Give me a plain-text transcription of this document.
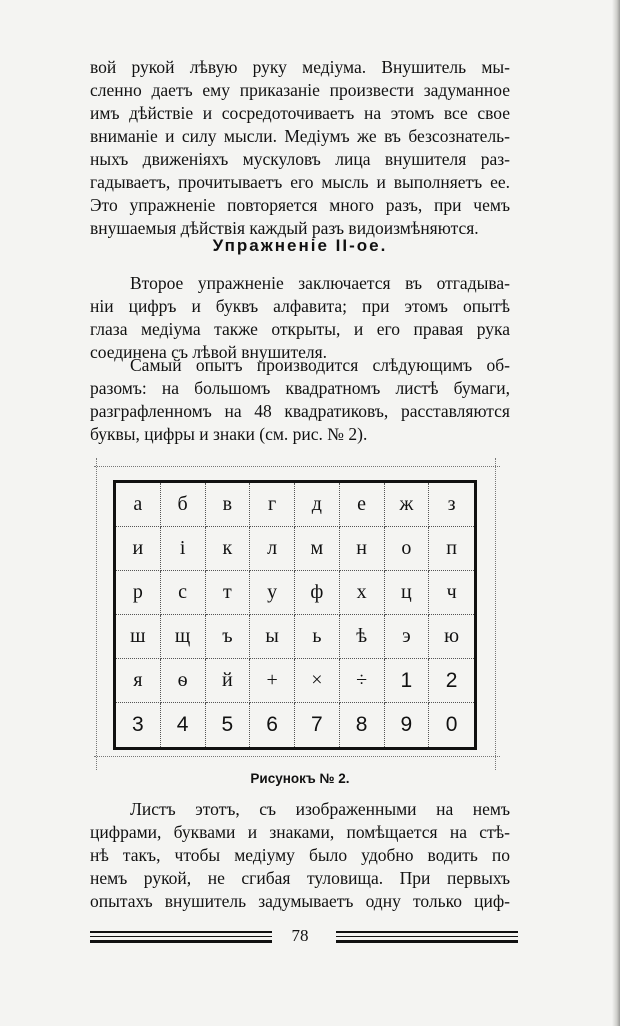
вой рукой лѣвую руку медіума. Внушитель мы-
сленно даетъ ему приказаніе произвести задуманное
имъ дѣйствіе и сосредоточиваетъ на этомъ все свое
вниманіе и силу мысли. Медіумъ же въ безсознатель-
ныхъ движеніяхъ мускуловъ лица внушителя раз-
гадываетъ, прочитываетъ его мысль и выполняетъ ее.
Это упражненіе повторяется много разъ, при чемъ
внушаемыя дѣйствія каждый разъ видоизмѣняются.
Упражненіе II-ое.
Второе упражненіе заключается въ отгадыва-
ніи цифръ и буквъ алфавита; при этомъ опытѣ
глаза медіума также открыты, и его правая рука
соединена съ лѣвой внушителя.
Самый опытъ производится слѣдующимъ об-
разомъ: на большомъ квадратномъ листѣ бумаги,
разграфленномъ на 48 квадратиковъ, расставляются
буквы, цифры и знаки (см. рис. № 2).
а	б	в	г	д	е	ж	з
и	і	к	л	м	н	о	п
р	с	т	у	ф	х	ц	ч
ш	щ	ъ	ы	ь	ѣ	э	ю
я	ѳ	й	+	×	÷	1	2
3	4	5	6	7	8	9	0
Рисунокъ № 2.
Листъ этотъ, съ изображенными на немъ
цифрами, буквами и знаками, помѣщается на стѣ-
нѣ такъ, чтобы медіуму было удобно водить по
немъ рукой, не сгибая туловища. При первыхъ
опытахъ внушитель задумываетъ одну только циф-
78
